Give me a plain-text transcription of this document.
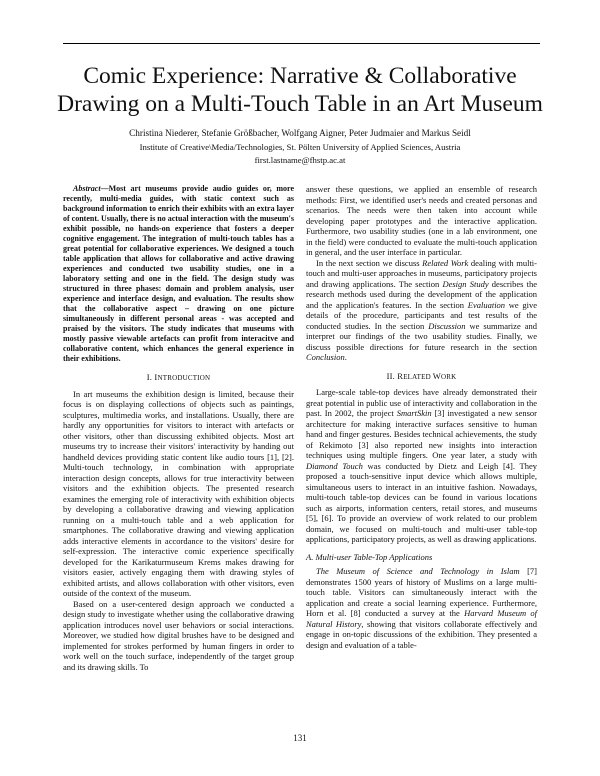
Comic Experience: Narrative & Collaborative
Drawing on a Multi-Touch Table in an Art Museum
Christina Niederer, Stefanie Größbacher, Wolfgang Aigner, Peter Judmaier and Markus Seidl
Institute of Creative\Media/Technologies, St. Pölten University of Applied Sciences, Austria
first.lastname@fhstp.ac.at

Abstract—Most art museums provide audio guides or, more recently, multi-media guides, with static context such as background information to enrich their exhibits with an extra layer of content. Usually, there is no actual interaction with the museum's exhibit possible, no hands-on experience that fosters a deeper cognitive engagement. The integration of multi-touch tables has a great potential for collaborative experiences. We designed a touch table application that allows for collaborative and active drawing experiences and conducted two usability studies, one in a laboratory setting and one in the field. The design study was structured in three phases: domain and problem analysis, user experience and interface design, and evaluation. The results show that the collaborative aspect – drawing on one picture simultaneously in different personal areas - was accepted and praised by the visitors. The study indicates that museums with mostly passive viewable artefacts can profit from interacitve and collaborative content, which enhances the general experience in their exhibitions.

I. INTRODUCTION

In art museums the exhibition design is limited, because their focus is on displaying collections of objects such as paintings, sculptures, multimedia works, and installations. Usually, there are hardly any opportunities for visitors to interact with artefacts or other visitors, other than discussing exhibited objects. Most art museums try to increase their visitors' interactivity by handing out handheld devices providing static content like audio tours [1], [2]. Multi-touch technology, in combination with appropriate interaction design concepts, allows for true interactivity between visitors and the exhibition objects. The presented research examines the emerging role of interactivity with exhibition objects by developing a collaborative drawing and viewing application running on a multi-touch table and a web application for smartphones. The collaborative drawing and viewing application adds interactive elements in accordance to the visitors' desire for self-expression. The interactive comic experience specifically developed for the Karikaturmuseum Krems makes drawing for visitors easier, actively engaging them with drawing styles of exhibited artists, and allows collaboration with other visitors, even outside of the context of the museum.

Based on a user-centered design approach we conducted a design study to investigate whether using the collaborative drawing application introduces novel user behaviors or social interactions. Moreover, we studied how digital brushes have to be designed and implemented for strokes performed by human fingers in order to work well on the touch surface, independently of the target group and its drawing skills. To

answer these questions, we applied an ensemble of research methods: First, we identified user's needs and created personas and scenarios. The needs were then taken into account while developing paper prototypes and the interactive application. Furthermore, two usability studies (one in a lab environment, one in the field) were conducted to evaluate the multi-touch application in general, and the user interface in particular.

In the next section we discuss Related Work dealing with multi-touch and multi-user approaches in museums, participatory projects and drawing applications. The section Design Study describes the research methods used during the development of the application and the application's features. In the section Evaluation we give details of the procedure, participants and test results of the conducted studies. In the section Discussion we summarize and interpret our findings of the two usability studies. Finally, we discuss possible directions for future research in the section Conclusion.

II. RELATED WORK

Large-scale table-top devices have already demonstrated their great potential in public use of interactivity and collaboration in the past. In 2002, the project SmartSkin [3] investigated a new sensor architecture for making interactive surfaces sensitive to human hand and finger gestures. Besides technical achievements, the study of Rekimoto [3] also reported new insights into interaction techniques using multiple fingers. One year later, a study with Diamond Touch was conducted by Dietz and Leigh [4]. They proposed a touch-sensitive input device which allows multiple, simultaneous users to interact in an intuitive fashion. Nowadays, multi-touch table-top devices can be found in various locations such as airports, information centers, retail stores, and museums [5], [6]. To provide an overview of work related to our problem domain, we focused on multi-touch and multi-user table-top applications, participatory projects, as well as drawing applications.

A. Multi-user Table-Top Applications

The Museum of Science and Technology in Islam [7] demonstrates 1500 years of history of Muslims on a large multi-touch table. Visitors can simultaneously interact with the application and create a social learning experience. Furthermore, Horn et al. [8] conducted a survey at the Harvard Museum of Natural History, showing that visitors collaborate effectively and engage in on-topic discussions of the exhibition. They presented a design and evaluation of a table-

131
